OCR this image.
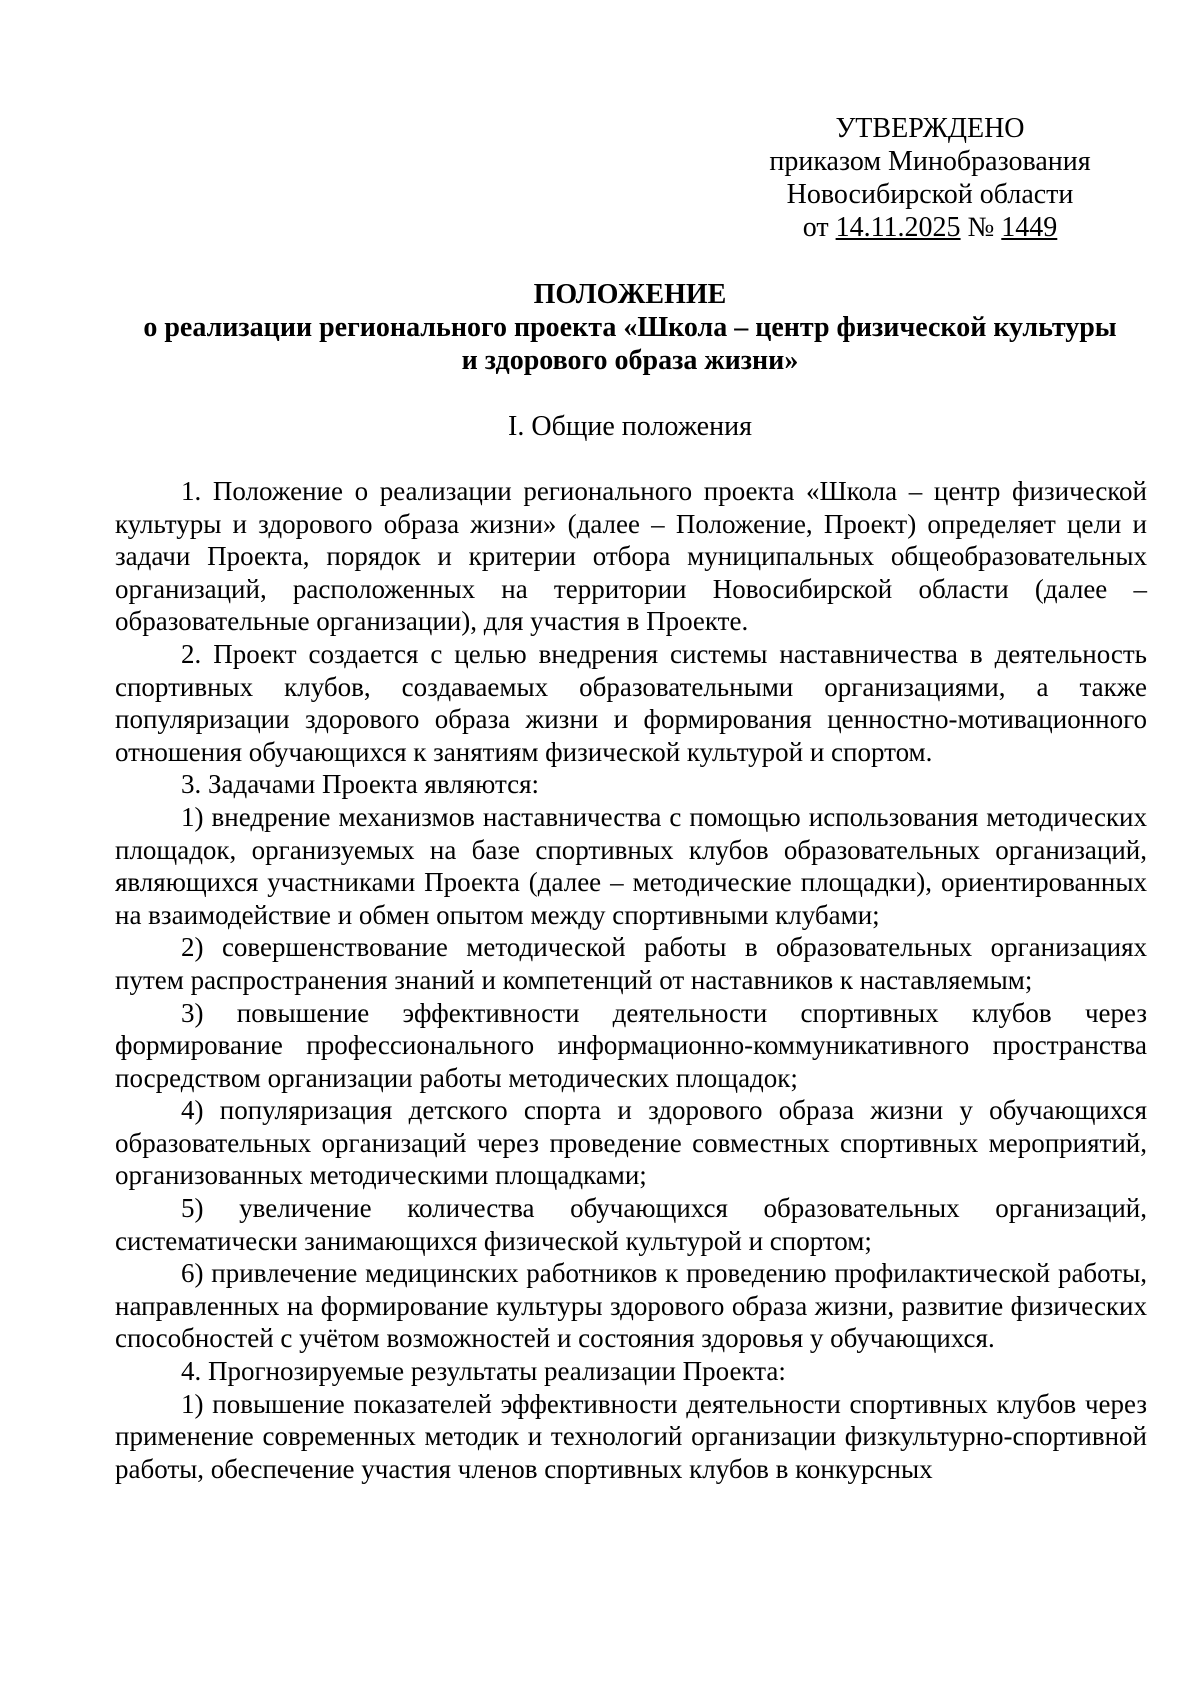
УТВЕРЖДЕНО
приказом Минобразования
Новосибирской области
от 14.11.2025 № 1449
ПОЛОЖЕНИЕ
о реализации регионального проекта «Школа – центр физической культуры
и здорового образа жизни»
I. Общие положения

1. Положение о реализации регионального проекта «Школа – центр физической культуры и здорового образа жизни» (далее – Положение, Проект) определяет цели и задачи Проекта, порядок и критерии отбора муниципальных общеобразовательных организаций, расположенных на территории Новосибирской области (далее – образовательные организации), для участия в Проекте.

2. Проект создается с целью внедрения системы наставничества в деятельность спортивных клубов, создаваемых образовательными организациями, а также популяризации здорового образа жизни и формирования ценностно-мотивационного отношения обучающихся к занятиям физической культурой и спортом.

3. Задачами Проекта являются:

1) внедрение механизмов наставничества с помощью использования методических площадок, организуемых на базе спортивных клубов образовательных организаций, являющихся участниками Проекта (далее – методические площадки), ориентированных на взаимодействие и обмен опытом между спортивными клубами;

2) совершенствование методической работы в образовательных организациях путем распространения знаний и компетенций от наставников к наставляемым;

3) повышение эффективности деятельности спортивных клубов через формирование профессионального информационно-коммуникативного пространства посредством организации работы методических площадок;

4) популяризация детского спорта и здорового образа жизни у обучающихся образовательных организаций через проведение совместных спортивных мероприятий, организованных методическими площадками;

5) увеличение количества обучающихся образовательных организаций, систематически занимающихся физической культурой и спортом;

6) привлечение медицинских работников к проведению профилактической работы, направленных на формирование культуры здорового образа жизни, развитие физических способностей с учётом возможностей и состояния здоровья у обучающихся.

4. Прогнозируемые результаты реализации Проекта:

1) повышение показателей эффективности деятельности спортивных клубов через применение современных методик и технологий организации физкультурно-спортивной работы, обеспечение участия членов спортивных клубов в конкурсных
